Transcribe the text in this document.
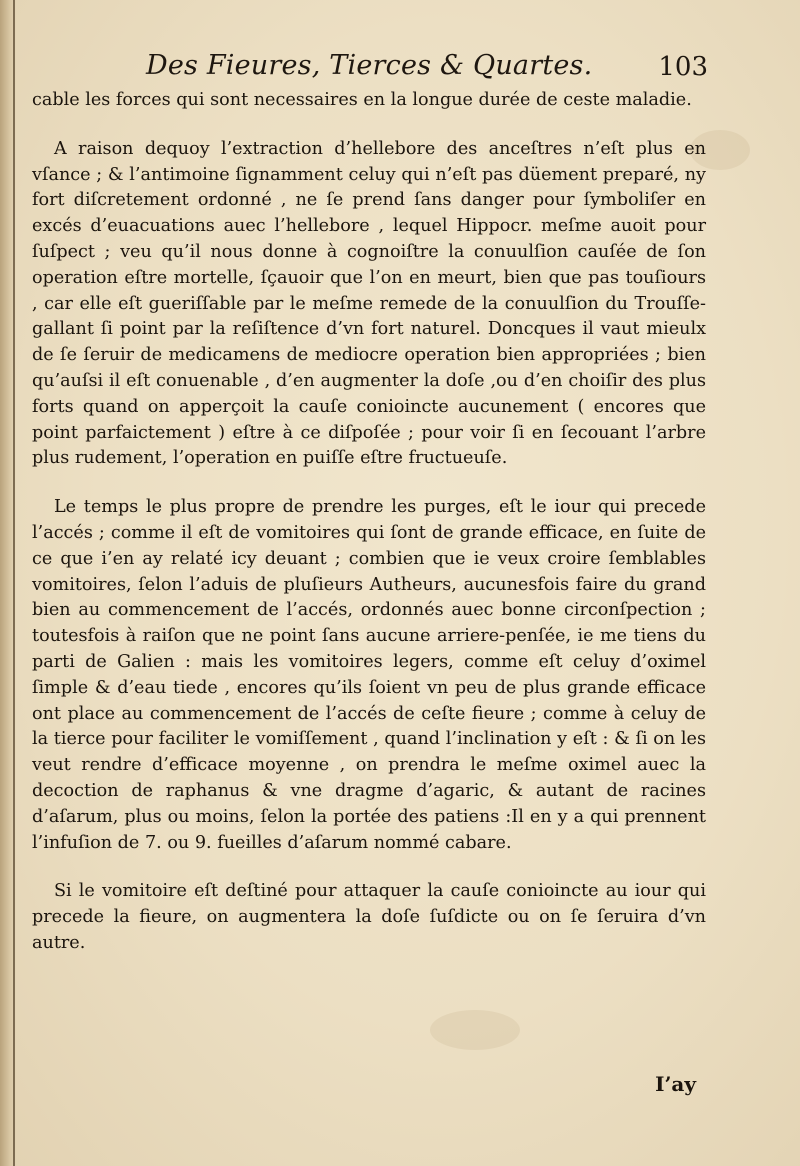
Des Fieures, Tierces & Quartes.	103

cable les forces qui sont necessaires en la longue durée de ceste maladie.

A raison dequoy l’extraction d’hellebore des anceſtres n’eſt plus en vſance ; & l’antimoine ſignamment celuy qui n’eſt pas düement preparé, ny fort diſcretement ordonné , ne ſe prend ſans danger pour ſymboliſer en excés d’euacuations auec l’hellebore , lequel Hippocr. meſme auoit pour ſuſpect ; veu qu’il nous donne à cognoiſtre la conuulſion cauſée de ſon operation eſtre mortelle, ſçauoir que l’on en meurt, bien que pas touſiours , car elle eſt gueriſſable par le meſme remede de la conuulſion du Trouſſe-gallant ſi point par la reſiſtence d’vn fort naturel. Doncques il vaut mieulx de ſe ſeruir de medicamens de mediocre operation bien appropriées ; bien qu’auſsi il eſt conuenable , d’en augmenter la doſe ,ou d’en choiſir des plus forts quand on apperçoit la cauſe conioincte aucunement ( encores que point parfaictement ) eſtre à ce diſpoſée ; pour voir ſi en ſecouant l’arbre plus rudement, l’operation en puiſſe eſtre fructueuſe.

Le temps le plus propre de prendre les purges, eſt le iour qui precede l’accés ; comme il eſt de vomitoires qui ſont de grande efficace, en ſuite de ce que i’en ay relaté icy deuant ; combien que ie veux croire ſemblables vomitoires, ſelon l’aduis de pluſieurs Autheurs, aucunesfois faire du grand bien au commencement de l’accés, ordonnés auec bonne circonſpection ; toutesfois à raiſon que ne point ſans aucune arriere-penſée, ie me tiens du parti de Galien : mais les vomitoires legers, comme eſt celuy d’oximel ſimple & d’eau tiede , encores qu’ils ſoient vn peu de plus grande efficace ont place au commencement de l’accés de ceſte fieure ; comme à celuy de la tierce pour faciliter le vomiſſement , quand l’inclination y eſt : & ſi on les veut rendre d’efficace moyenne , on prendra le meſme oximel auec la decoction de raphanus & vne dragme d’agaric, & autant de racines d’aſarum, plus ou moins, ſelon la portée des patiens :Il en y a qui prennent l’infuſion de 7. ou 9. fueilles d’aſarum nommé cabare.

Si le vomitoire eſt deſtiné pour attaquer la cauſe conioincte au iour qui precede la fieure, on augmentera la doſe ſuſdicte ou on ſe ſeruira d’vn autre.

I’ay
